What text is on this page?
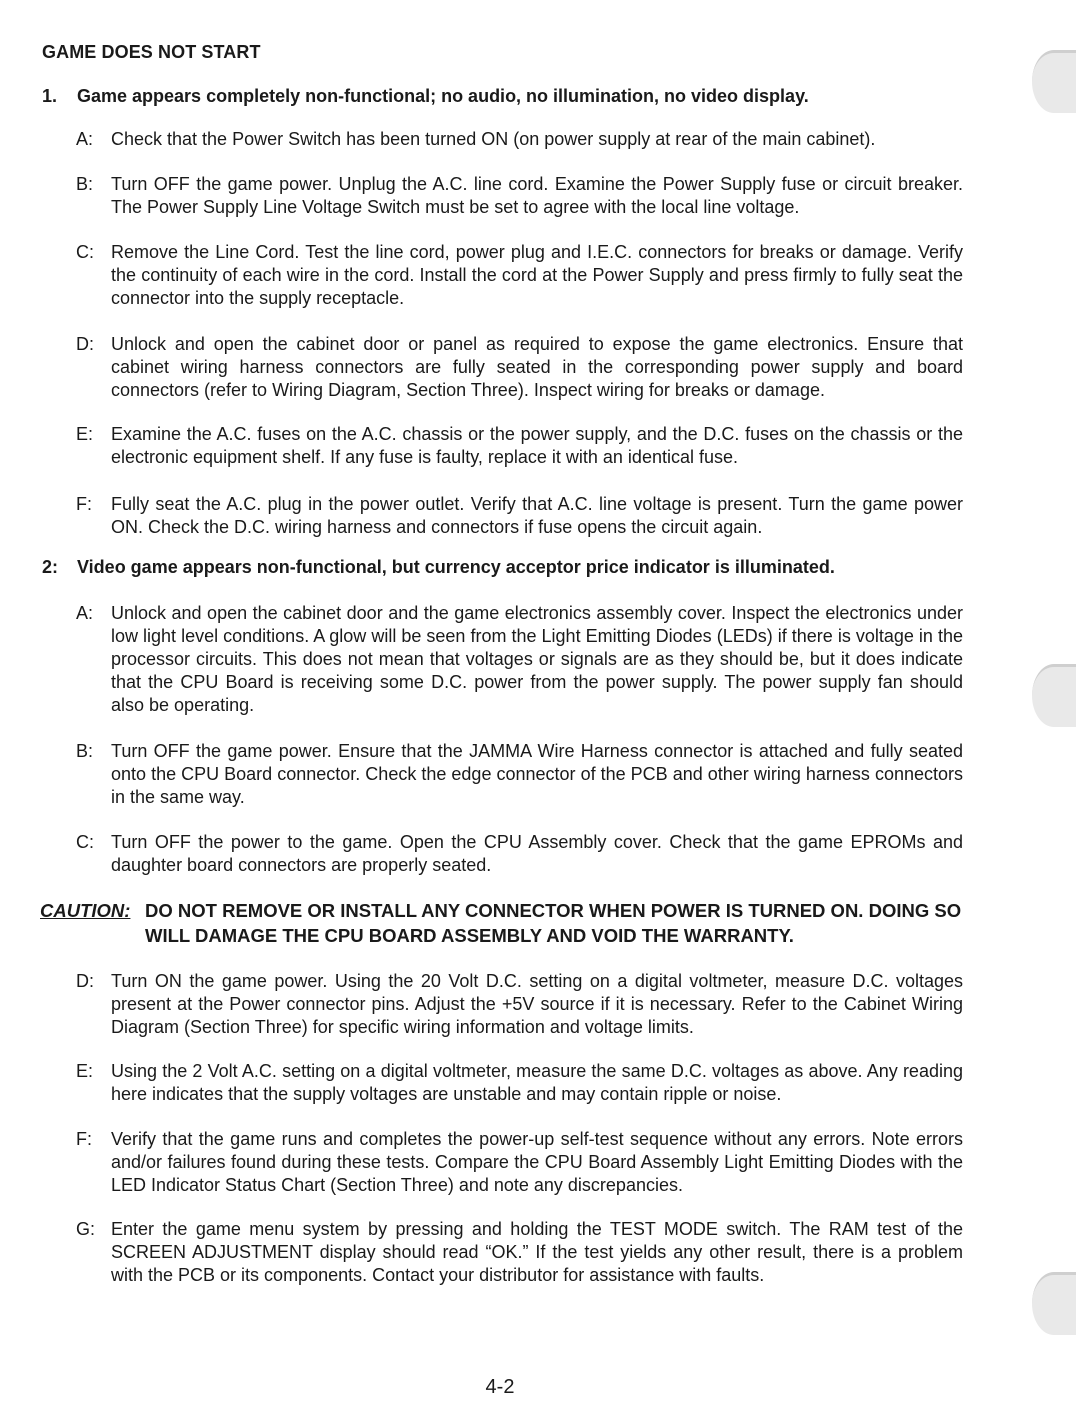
GAME DOES NOT START
1.	Game appears completely non-functional; no audio, no illumination, no video display.
A: Check that the Power Switch has been turned ON (on power supply at rear of the main cabinet).
B: Turn OFF the game power. Unplug the A.C. line cord. Examine the Power Supply fuse or circuit breaker. The Power Supply Line Voltage Switch must be set to agree with the local line voltage.
C: Remove the Line Cord. Test the line cord, power plug and I.E.C. connectors for breaks or damage. Verify the continuity of each wire in the cord. Install the cord at the Power Supply and press firmly to fully seat the connector into the supply receptacle.
D: Unlock and open the cabinet door or panel as required to expose the game electronics. Ensure that cabinet wiring harness connectors are fully seated in the corresponding power supply and board connectors (refer to Wiring Diagram, Section Three). Inspect wiring for breaks or damage.
E: Examine the A.C. fuses on the A.C. chassis or the power supply, and the D.C. fuses on the chassis or the electronic equipment shelf. If any fuse is faulty, replace it with an identical fuse.
F:	Fully seat the A.C. plug in the power outlet. Verify that A.C. line voltage is present. Turn the game power ON. Check the D.C. wiring harness and connectors if fuse opens the circuit again.
2:	Video game appears non-functional, but currency acceptor price indicator is illuminated.
A: Unlock and open the cabinet door and the game electronics assembly cover. Inspect the electronics under low light level conditions. A glow will be seen from the Light Emitting Diodes (LEDs) if there is voltage in the processor circuits. This does not mean that voltages or signals are as they should be, but it does indicate that the CPU Board is receiving some D.C. power from the power supply. The power supply fan should also be operating.
B: Turn OFF the game power. Ensure that the JAMMA Wire Harness connector is attached and fully seated onto the CPU Board connector. Check the edge connector of the PCB and other wiring harness connectors in the same way.
C: Turn OFF the power to the game. Open the CPU Assembly cover. Check that the game EPROMs and daughter board connectors are properly seated.
CAUTION: DO NOT REMOVE OR INSTALL ANY CONNECTOR WHEN POWER IS TURNED ON. DOING SO WILL DAMAGE THE CPU BOARD ASSEMBLY AND VOID THE WARRANTY.
D: Turn ON the game power. Using the 20 Volt D.C. setting on a digital voltmeter, measure D.C. voltages present at the Power connector pins. Adjust the +5V source if it is necessary. Refer to the Cabinet Wiring Diagram (Section Three) for specific wiring information and voltage limits.
E: Using the 2 Volt A.C. setting on a digital voltmeter, measure the same D.C. voltages as above. Any reading here indicates that the supply voltages are unstable and may contain ripple or noise.
F:	Verify that the game runs and completes the power-up self-test sequence without any errors. Note errors and/or failures found during these tests. Compare the CPU Board Assembly Light Emitting Diodes with the LED Indicator Status Chart (Section Three) and note any discrepancies.
G: Enter the game menu system by pressing and holding the TEST MODE switch. The RAM test of the SCREEN ADJUSTMENT display should read “OK.” If the test yields any other result, there is a problem with the PCB or its components. Contact your distributor for assistance with faults.
4-2
